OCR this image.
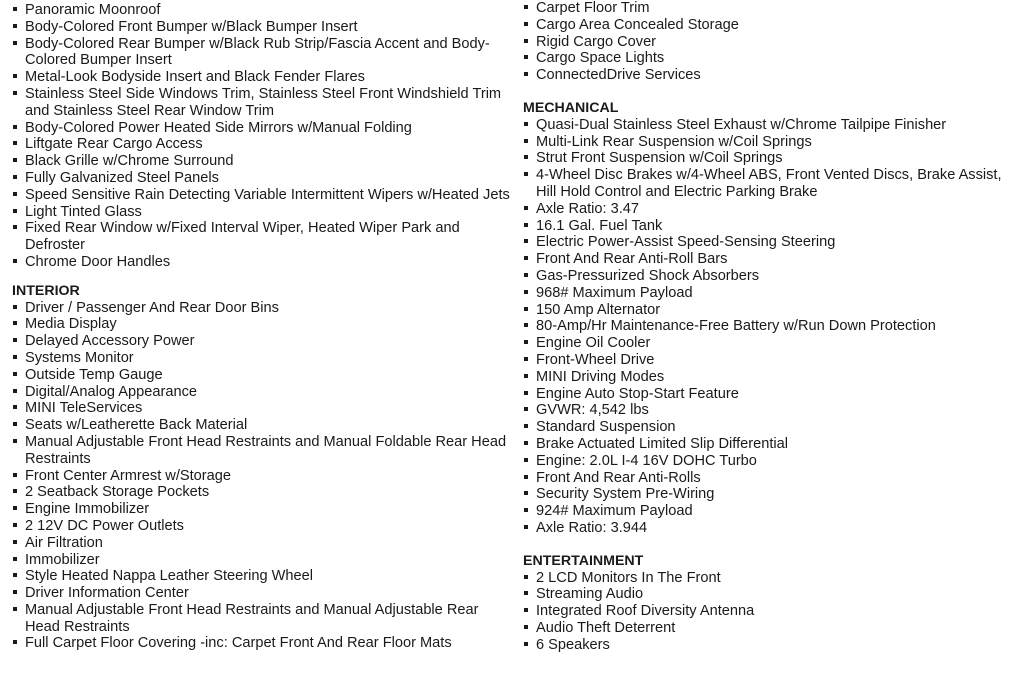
Panoramic Moonroof
Body-Colored Front Bumper w/Black Bumper Insert
Body-Colored Rear Bumper w/Black Rub Strip/Fascia Accent and Body-Colored Bumper Insert
Metal-Look Bodyside Insert and Black Fender Flares
Stainless Steel Side Windows Trim, Stainless Steel Front Windshield Trim and Stainless Steel Rear Window Trim
Body-Colored Power Heated Side Mirrors w/Manual Folding
Liftgate Rear Cargo Access
Black Grille w/Chrome Surround
Fully Galvanized Steel Panels
Speed Sensitive Rain Detecting Variable Intermittent Wipers w/Heated Jets
Light Tinted Glass
Fixed Rear Window w/Fixed Interval Wiper, Heated Wiper Park and Defroster
Chrome Door Handles
INTERIOR
Driver / Passenger And Rear Door Bins
Media Display
Delayed Accessory Power
Systems Monitor
Outside Temp Gauge
Digital/Analog Appearance
MINI TeleServices
Seats w/Leatherette Back Material
Manual Adjustable Front Head Restraints and Manual Foldable Rear Head Restraints
Front Center Armrest w/Storage
2 Seatback Storage Pockets
Engine Immobilizer
2 12V DC Power Outlets
Air Filtration
Immobilizer
Style Heated Nappa Leather Steering Wheel
Driver Information Center
Manual Adjustable Front Head Restraints and Manual Adjustable Rear Head Restraints
Full Carpet Floor Covering -inc: Carpet Front And Rear Floor Mats
Carpet Floor Trim
Cargo Area Concealed Storage
Rigid Cargo Cover
Cargo Space Lights
ConnectedDrive Services
MECHANICAL
Quasi-Dual Stainless Steel Exhaust w/Chrome Tailpipe Finisher
Multi-Link Rear Suspension w/Coil Springs
Strut Front Suspension w/Coil Springs
4-Wheel Disc Brakes w/4-Wheel ABS, Front Vented Discs, Brake Assist, Hill Hold Control and Electric Parking Brake
Axle Ratio: 3.47
16.1 Gal. Fuel Tank
Electric Power-Assist Speed-Sensing Steering
Front And Rear Anti-Roll Bars
Gas-Pressurized Shock Absorbers
968# Maximum Payload
150 Amp Alternator
80-Amp/Hr Maintenance-Free Battery w/Run Down Protection
Engine Oil Cooler
Front-Wheel Drive
MINI Driving Modes
Engine Auto Stop-Start Feature
GVWR: 4,542 lbs
Standard Suspension
Brake Actuated Limited Slip Differential
Engine: 2.0L I-4 16V DOHC Turbo
Front And Rear Anti-Rolls
Security System Pre-Wiring
924# Maximum Payload
Axle Ratio: 3.944
ENTERTAINMENT
2 LCD Monitors In The Front
Streaming Audio
Integrated Roof Diversity Antenna
Audio Theft Deterrent
6 Speakers
